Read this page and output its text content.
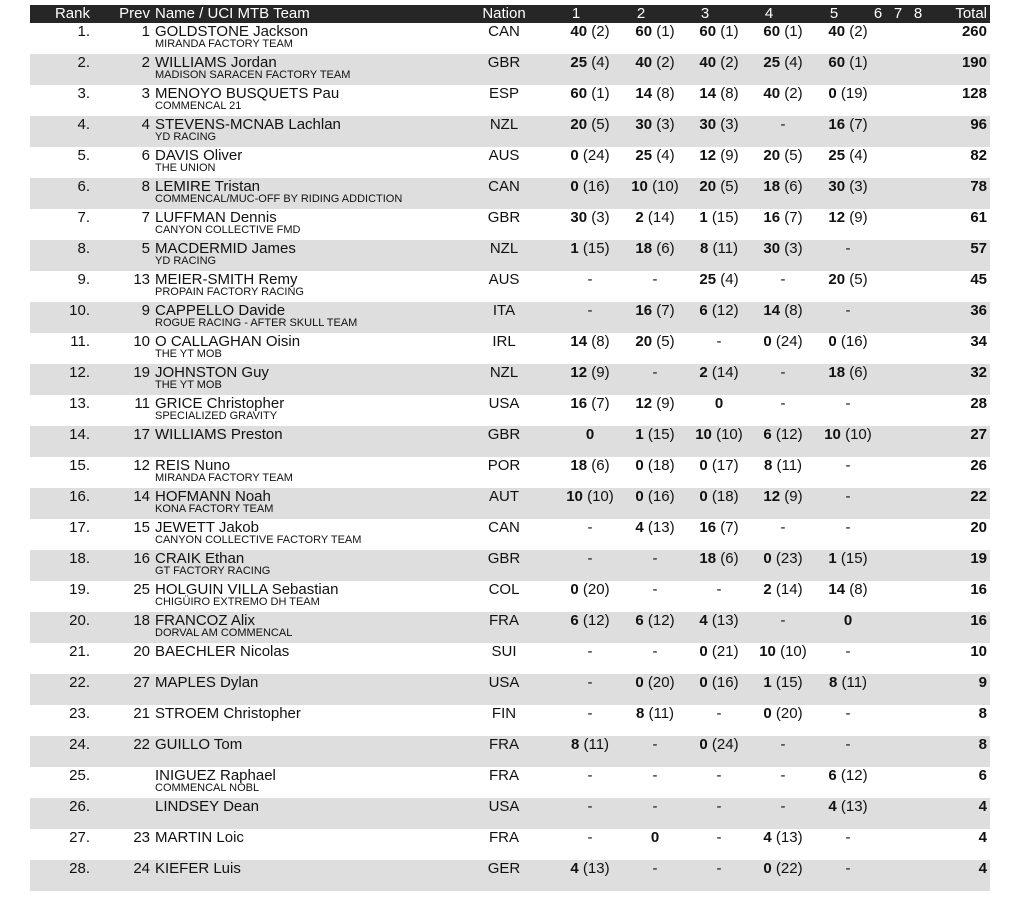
Rank	Prev Name / UCI MTB Team	Nation	1	2	3	4	5	6 7 8	Total
1.	1 GOLDSTONE Jackson
MIRANDA FACTORY TEAM
CAN	40 (2)	60 (1)	60 (1)	60 (1)	40 (2)	260
2.	2 WILLIAMS Jordan
MADISON SARACEN FACTORY TEAM
GBR	25 (4)	40 (2)	40 (2)	25 (4)	60 (1)	190
3.	3 MENOYO BUSQUETS Pau
COMMENCAL 21
ESP	60 (1)	14 (8)	14 (8)	40 (2)	0 (19)	128
4.	4 STEVENS-MCNAB Lachlan
YD RACING
NZL	20 (5)	30 (3)	30 (3)	-	16 (7)	96
5.	6 DAVIS Oliver
THE UNION
AUS	0 (24)	25 (4)	12 (9)	20 (5)	25 (4)	82
6.	8 LEMIRE Tristan
COMMENCAL/MUC-OFF BY RIDING ADDICTION
CAN	0 (16)	10 (10)	20 (5)	18 (6)	30 (3)	78
7.	7 LUFFMAN Dennis
CANYON COLLECTIVE FMD
GBR	30 (3)	2 (14)	1 (15)	16 (7)	12 (9)	61
8.	5 MACDERMID James
YD RACING
NZL	1 (15)	18 (6)	8 (11)	30 (3)	-	57
9.	13 MEIER-SMITH Remy
PROPAIN FACTORY RACING
AUS	-	-	25 (4)	-	20 (5)	45
10.	9 CAPPELLO Davide
ROGUE RACING - AFTER SKULL TEAM
ITA	-	16 (7)	6 (12)	14 (8)	-	36
11.	10 O CALLAGHAN Oisin
THE YT MOB
IRL	14 (8)	20 (5)	-	0 (24)	0 (16)	34
12.	19 JOHNSTON Guy
THE YT MOB
NZL	12 (9)	-	2 (14)	-	18 (6)	32
13.	11 GRICE Christopher
SPECIALIZED GRAVITY
USA	16 (7)	12 (9)	0	-	-	28
14.	17 WILLIAMS Preston	GBR	0	1 (15)	10 (10)	6 (12)	10 (10)	27
15.	12 REIS Nuno
MIRANDA FACTORY TEAM
POR	18 (6)	0 (18)	0 (17)	8 (11)	-	26
16.	14 HOFMANN Noah
KONA FACTORY TEAM
AUT	10 (10)	0 (16)	0 (18)	12 (9)	-	22
17.	15 JEWETT Jakob
CANYON COLLECTIVE FACTORY TEAM
CAN	-	4 (13)	16 (7)	-	-	20
18.	16 CRAIK Ethan
GT FACTORY RACING
GBR	-	-	18 (6)	0 (23)	1 (15)	19
19.	25 HOLGUIN VILLA Sebastian
CHIGÜIRO EXTREMO DH TEAM
COL	0 (20)	-	-	2 (14)	14 (8)	16
20.	18 FRANCOZ Alix
DORVAL AM COMMENCAL
FRA	6 (12)	6 (12)	4 (13)	-	0	16
21.	20 BAECHLER Nicolas	SUI	-	-	0 (21)	10 (10)	-	10
22.	27 MAPLES Dylan	USA	-	0 (20)	0 (16)	1 (15)	8 (11)	9
23.	21 STROEM Christopher	FIN	-	8 (11)	-	0 (20)	-	8
24.	22 GUILLO Tom	FRA	8 (11)	-	0 (24)	-	-	8
25.	INIGUEZ Raphael
COMMENCAL NOBL
FRA	-	-	-	-	6 (12)	6
26.	LINDSEY Dean	USA	-	-	-	-	4 (13)	4
27.	23 MARTIN Loic	FRA	-	0	-	4 (13)	-	4
28.	24 KIEFER Luis	GER	4 (13)	-	-	0 (22)	-	4
